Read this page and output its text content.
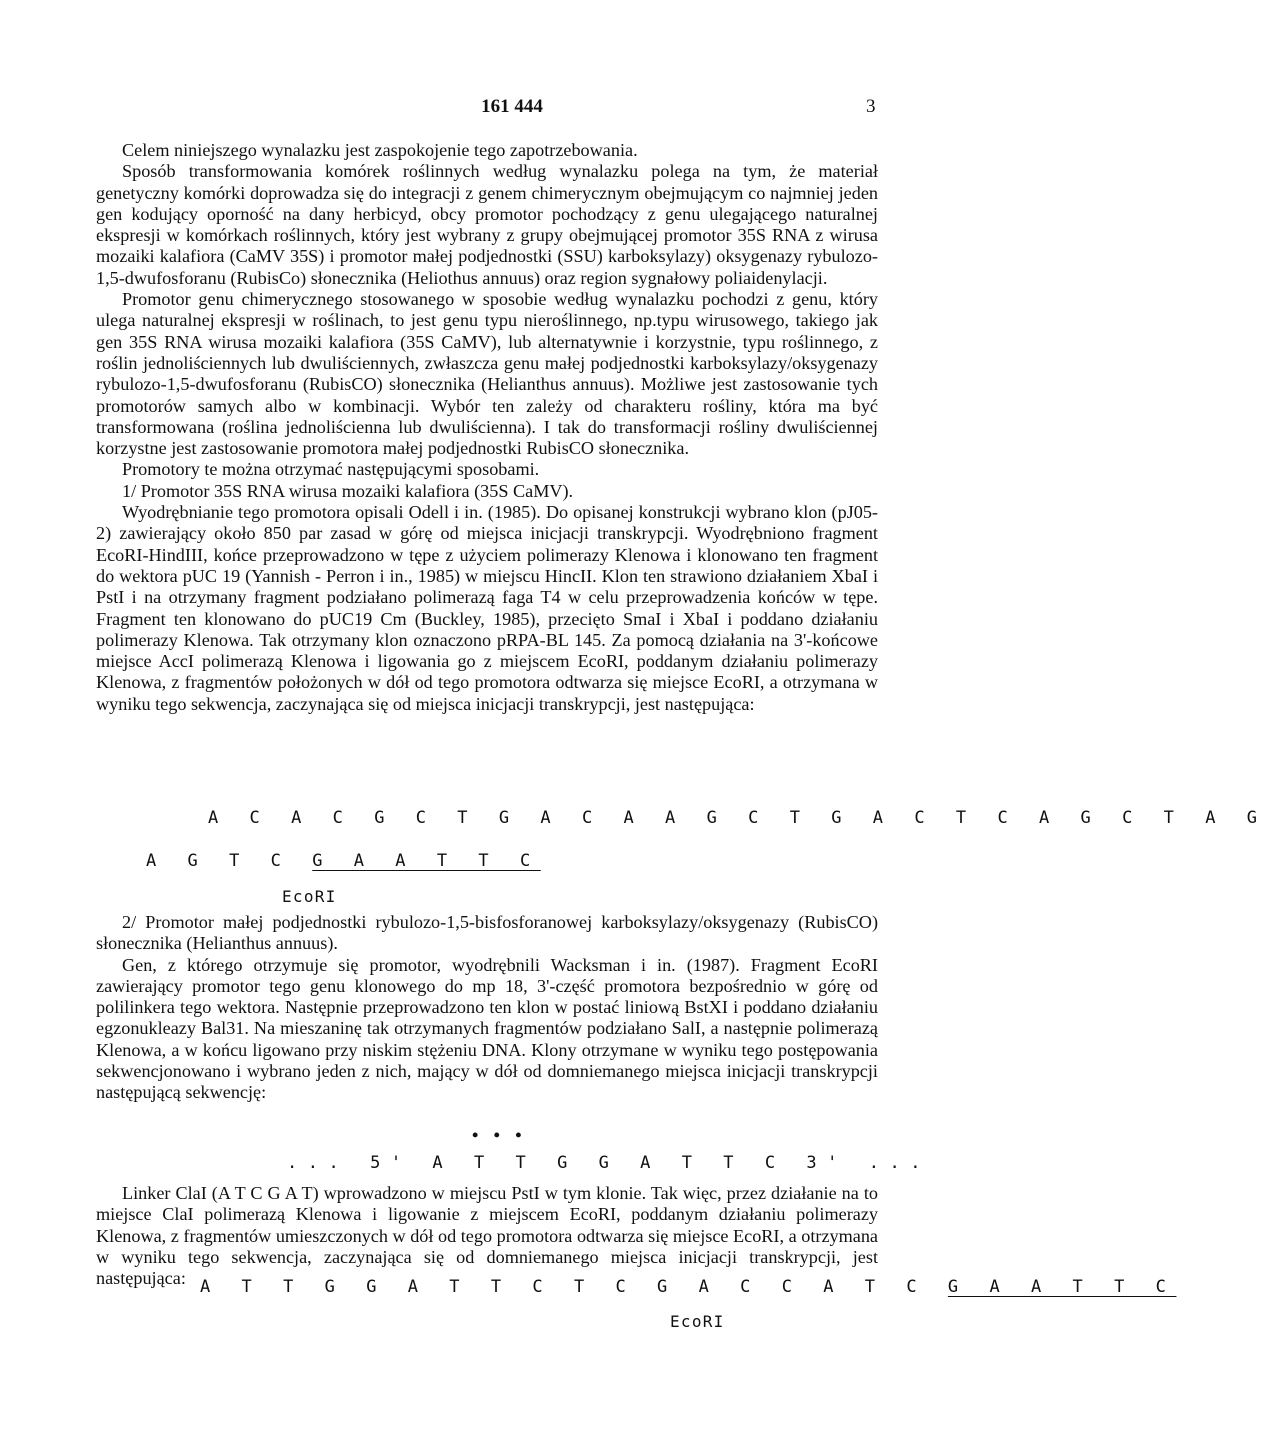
161 444	3

Celem niniejszego wynalazku jest zaspokojenie tego zapotrzebowania.

Sposób transformowania komórek roślinnych według wynalazku polega na tym, że materiał genetyczny komórki doprowadza się do integracji z genem chimerycznym obejmującym co najmniej jeden gen kodujący oporność na dany herbicyd, obcy promotor pochodzący z genu ulegającego naturalnej ekspresji w komórkach roślinnych, który jest wybrany z grupy obejmującej promotor 35S RNA z wirusa mozaiki kalafiora (CaMV 35S) i promotor małej podjednostki (SSU) karboksylazy) oksygenazy rybulozo-1,5-dwufosforanu (RubisCo) słonecznika (Heliothus annuus) oraz region sygnałowy poliaidenylacji.

Promotor genu chimerycznego stosowanego w sposobie według wynalazku pochodzi z genu, który ulega naturalnej ekspresji w roślinach, to jest genu typu nieroślinnego, np.typu wirusowego, takiego jak gen 35S RNA wirusa mozaiki kalafiora (35S CaMV), lub alternatywnie i korzystnie, typu roślinnego, z roślin jednoliściennych lub dwuliściennych, zwłaszcza genu małej podjednostki karboksylazy/oksygenazy rybulozo-1,5-dwufosforanu (RubisCO) słonecznika (Helianthus annuus). Możliwe jest zastosowanie tych promotorów samych albo w kombinacji. Wybór ten zależy od charakteru rośliny, która ma być transformowana (roślina jednoliścienna lub dwuliścienna). I tak do transformacji rośliny dwuliściennej korzystne jest zastosowanie promotora małej podjednostki RubisCO słonecznika.

Promotory te można otrzymać następującymi sposobami.

1/ Promotor 35S RNA wirusa mozaiki kalafiora (35S CaMV).

Wyodrębnianie tego promotora opisali Odell i in. (1985). Do opisanej konstrukcji wybrano klon (pJ05-2) zawierający około 850 par zasad w górę od miejsca inicjacji transkrypcji. Wyodrębniono fragment EcoRI-HindIII, końce przeprowadzono w tępe z użyciem polimerazy Klenowa i klonowano ten fragment do wektora pUC 19 (Yannish - Perron i in., 1985) w miejscu HincII. Klon ten strawiono działaniem XbaI i PstI i na otrzymany fragment podziałano polimerazą faga T4 w celu przeprowadzenia końców w tępe. Fragment ten klonowano do pUC19 Cm (Buckley, 1985), przecięto SmaI i XbaI i poddano działaniu polimerazy Klenowa. Tak otrzymany klon oznaczono pRPA-BL 145. Za pomocą działania na 3'-końcowe miejsce AccI polimerazą Klenowa i ligowania go z miejscem EcoRI, poddanym działaniu polimerazy Klenowa, z fragmentów położonych w dół od tego promotora odtwarza się miejsce EcoRI, a otrzymana w wyniku tego sekwencja, zaczynająca się od miejsca inicjacji transkrypcji, jest następująca:

A C A C G C T G A C A A G C T G A C T C A G C T A G
A G T C G A A T T C
EcoRI

2/ Promotor małej podjednostki rybulozo-1,5-bisfosforanowej karboksylazy/oksygenazy (RubisCO) słonecznika (Helianthus annuus).

Gen, z którego otrzymuje się promotor, wyodrębnili Wacksman i in. (1987). Fragment EcoRI zawierający promotor tego genu klonowego do mp 18, 3'-część promotora bezpośrednio w górę od polilinkera tego wektora. Następnie przeprowadzono ten klon w postać liniową BstXI i poddano działaniu egzonukleazy Bal31. Na mieszaninę tak otrzymanych fragmentów podziałano SalI, a następnie polimerazą Klenowa, a w końcu ligowano przy niskim stężeniu DNA. Klony otrzymane w wyniku tego postępowania sekwencjonowano i wybrano jeden z nich, mający w dół od domniemanego miejsca inicjacji transkrypcji następującą sekwencję:

• • •
... 5' A T T G G A T T C 3' ...

Linker ClaI (A T C G A T) wprowadzono w miejscu PstI w tym klonie. Tak więc, przez działanie na to miejsce ClaI polimerazą Klenowa i ligowanie z miejscem EcoRI, poddanym działaniu polimerazy Klenowa, z fragmentów umieszczonych w dół od tego promotora odtwarza się miejsce EcoRI, a otrzymana w wyniku tego sekwencja, zaczynająca się od domniemanego miejsca inicjacji transkrypcji, jest następująca: A T T G G A T T C T C G A C C A T C G A A T T C
EcoRI
